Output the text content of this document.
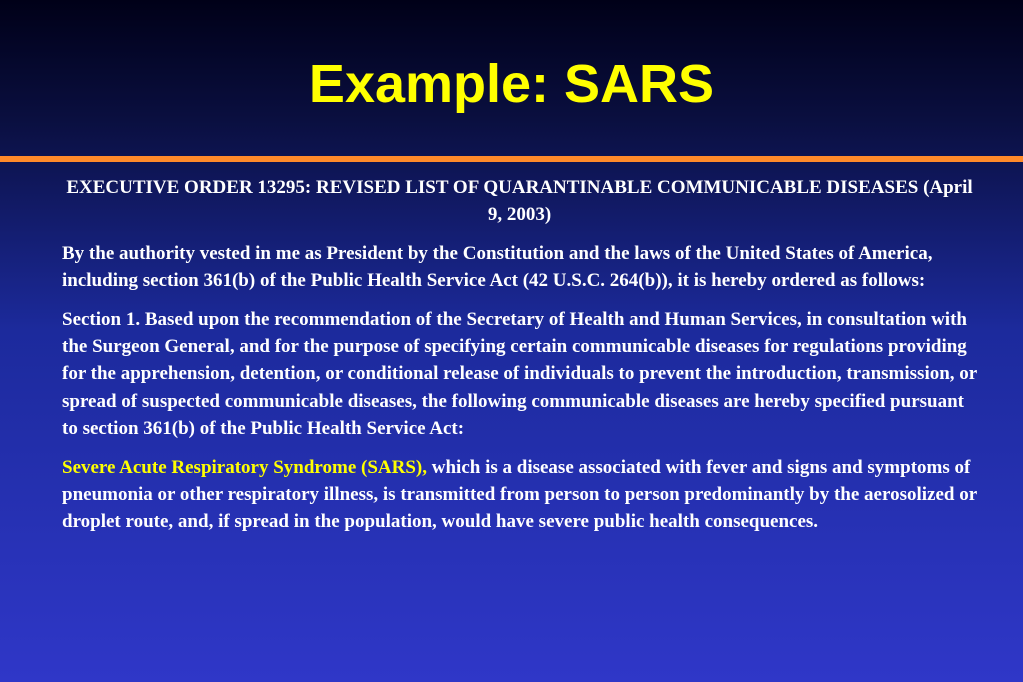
Example: SARS

EXECUTIVE ORDER 13295: REVISED LIST OF QUARANTINABLE COMMUNICABLE DISEASES (April 9, 2003)

By the authority vested in me as President by the Constitution and the laws of the United States of America, including section 361(b) of the Public Health Service Act (42 U.S.C. 264(b)), it is hereby ordered as follows:

Section 1. Based upon the recommendation of the Secretary of Health and Human Services, in consultation with the Surgeon General, and for the purpose of specifying certain communicable diseases for regulations providing for the apprehension, detention, or conditional release of individuals to prevent the introduction, transmission, or spread of suspected communicable diseases, the following communicable diseases are hereby specified pursuant to section 361(b) of the Public Health Service Act:

Severe Acute Respiratory Syndrome (SARS), which is a disease associated with fever and signs and symptoms of pneumonia or other respiratory illness, is transmitted from person to person predominantly by the aerosolized or droplet route, and, if spread in the population, would have severe public health consequences.
